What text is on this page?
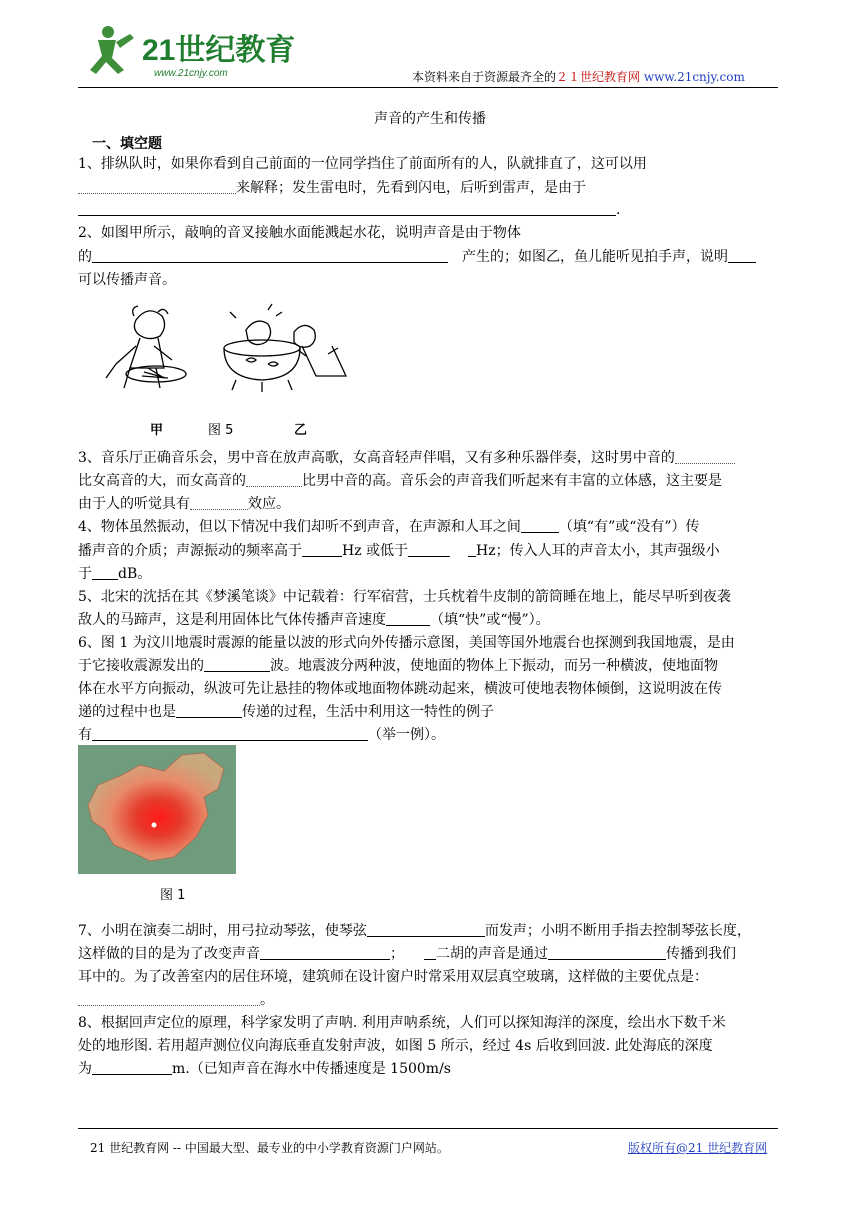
21世纪教育
www.21cnjy.com	本资料来自于资源最齐全的２１世纪教育网 www.21cnjy.com
声音的产生和传播
一、填空题
1、排纵队时，如果你看到自己前面的一位同学挡住了前面所有的人，队就排直了，这可以用
来解释；发生雷电时，先看到闪电，后听到雷声，是由于
.
2、如图甲所示，敲响的音叉接触水面能溅起水花，说明声音是由于物体
的	产生的；如图乙，鱼儿能听见拍手声，说明
可以传播声音。
甲	图 5	乙
3、音乐厅正确音乐会，男中音在放声高歌，女高音轻声伴唱，又有多种乐器伴奏，这时男中音的
比女高音的大，而女高音的	比男中音的高。音乐会的声音我们听起来有丰富的立体感，这主要是
由于人的听觉具有	效应。
4、物体虽然振动，但以下情况中我们却听不到声音，在声源和人耳之间	（填“有”或“没有”）传
播声音的介质；声源振动的频率高于	Hz 或低于	Hz；传入人耳的声音太小，其声强级小
于 dB。
5、北宋的沈括在其《梦溪笔谈》中记载着：行军宿营，士兵枕着牛皮制的箭筒睡在地上，能尽早听到夜袭
敌人的马蹄声，这是利用固体比气体传播声音速度	（填“快”或“慢”）。
6、图 1 为汶川地震时震源的能量以波的形式向外传播示意图，美国等国外地震台也探测到我国地震，是由
于它接收震源发出的	波。地震波分两种波，使地面的物体上下振动，而另一种横波，使地面物
体在水平方向振动，纵波可先让悬挂的物体或地面物体跳动起来，横波可使地表物体倾倒，这说明波在传
递的过程中也是	传递的过程，生活中利用这一特性的例子
有	（举一例）。
图 1
7、小明在演奏二胡时，用弓拉动琴弦，使琴弦	而发声；小明不断用手指去控制琴弦长度，
这样做的目的是为了改变声音	； 二胡的声音是通过	传播到我们
耳中的。为了改善室内的居住环境，建筑师在设计窗户时常采用双层真空玻璃，这样做的主要优点是：
。
8、根据回声定位的原理，科学家发明了声呐. 利用声呐系统，人们可以探知海洋的深度，绘出水下数千米
处的地形图. 若用超声测位仪向海底垂直发射声波，如图 5 所示，经过 4s 后收到回波. 此处海底的深度
为	m.（已知声音在海水中传播速度是 1500m/s
21 世纪教育网 -- 中国最大型、最专业的中小学教育资源门户网站。	版权所有@21 世纪教育网
